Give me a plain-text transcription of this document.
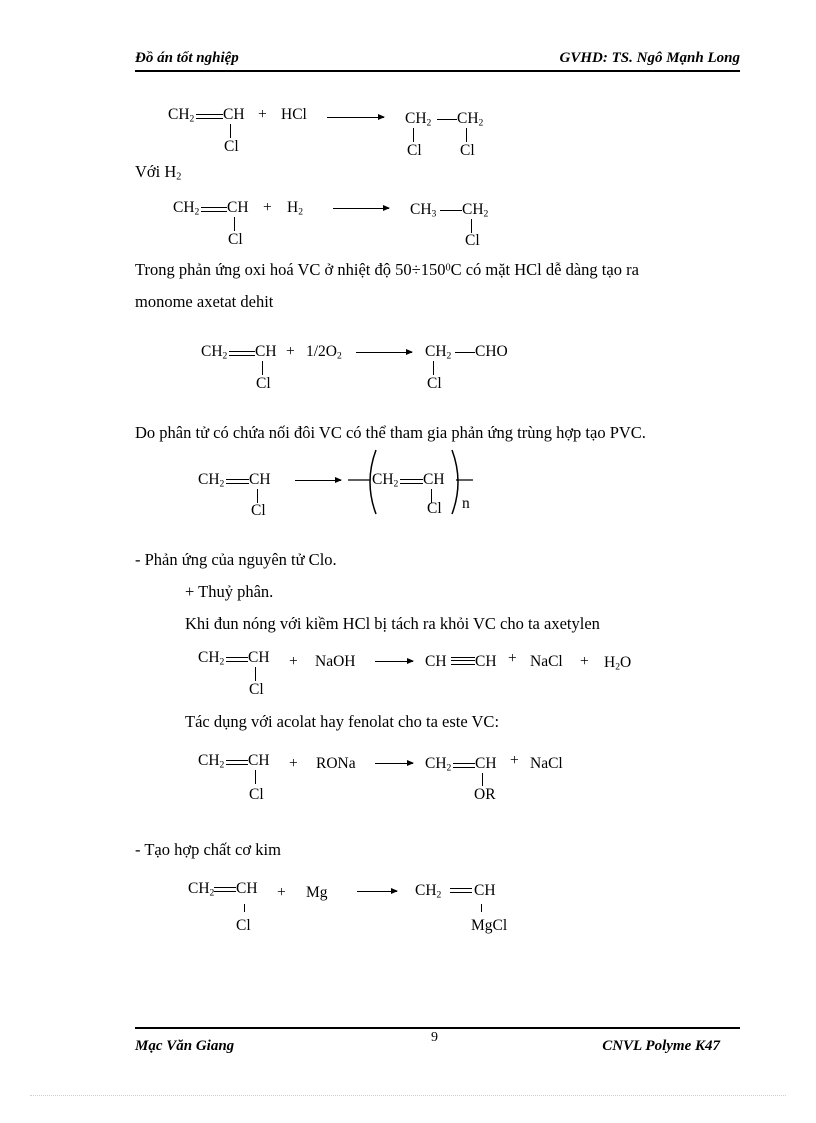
Đồ án tốt nghiệp	GVHD: TS. Ngô Mạnh Long
$CH_2$ CH
Cl
+ HCl → $CH_2$ $CH_2$
Cl Cl
Với $H_2$
$CH_2$ CH
Cl
+ $H_2 \to CH_3$ $CH_2$
Cl
Trong phản ứng oxi hoá VC ở nhiệt độ $50\div 150^0C$ có mặt HCl dễ dàng tạo ra
monome axetat dehit
$CH_2$ CH
Cl
+ $1/2O_2 \to CH_2$ CHO
Cl
Do phân tử có chứa nối đôi VC có thể tham gia phản ứng trùng hợp tạo PVC.
$CH_2$ CH
Cl
$CH_2$ CH
Cl n
- Phản ứng của nguyên tử Clo.
+ Thuỷ phân.
Khi đun nóng với kiềm HCl bị tách ra khỏi VC cho ta axetylen
$CH_2$ CH
Cl
+ NaOH → CH CH + NaCl + $H_2O$
Tác dụng với acolat hay fenolat cho ta este VC:
$CH_2$ CH
Cl
+ RONa → $CH_2$ CH
OR
+ NaCl
- Tạo hợp chất cơ kim
$CH_2$ CH
Cl
+ $Mg \to CH_2$ CH
MgCl
Mạc Văn Giang
9
CNVL Polyme K47
